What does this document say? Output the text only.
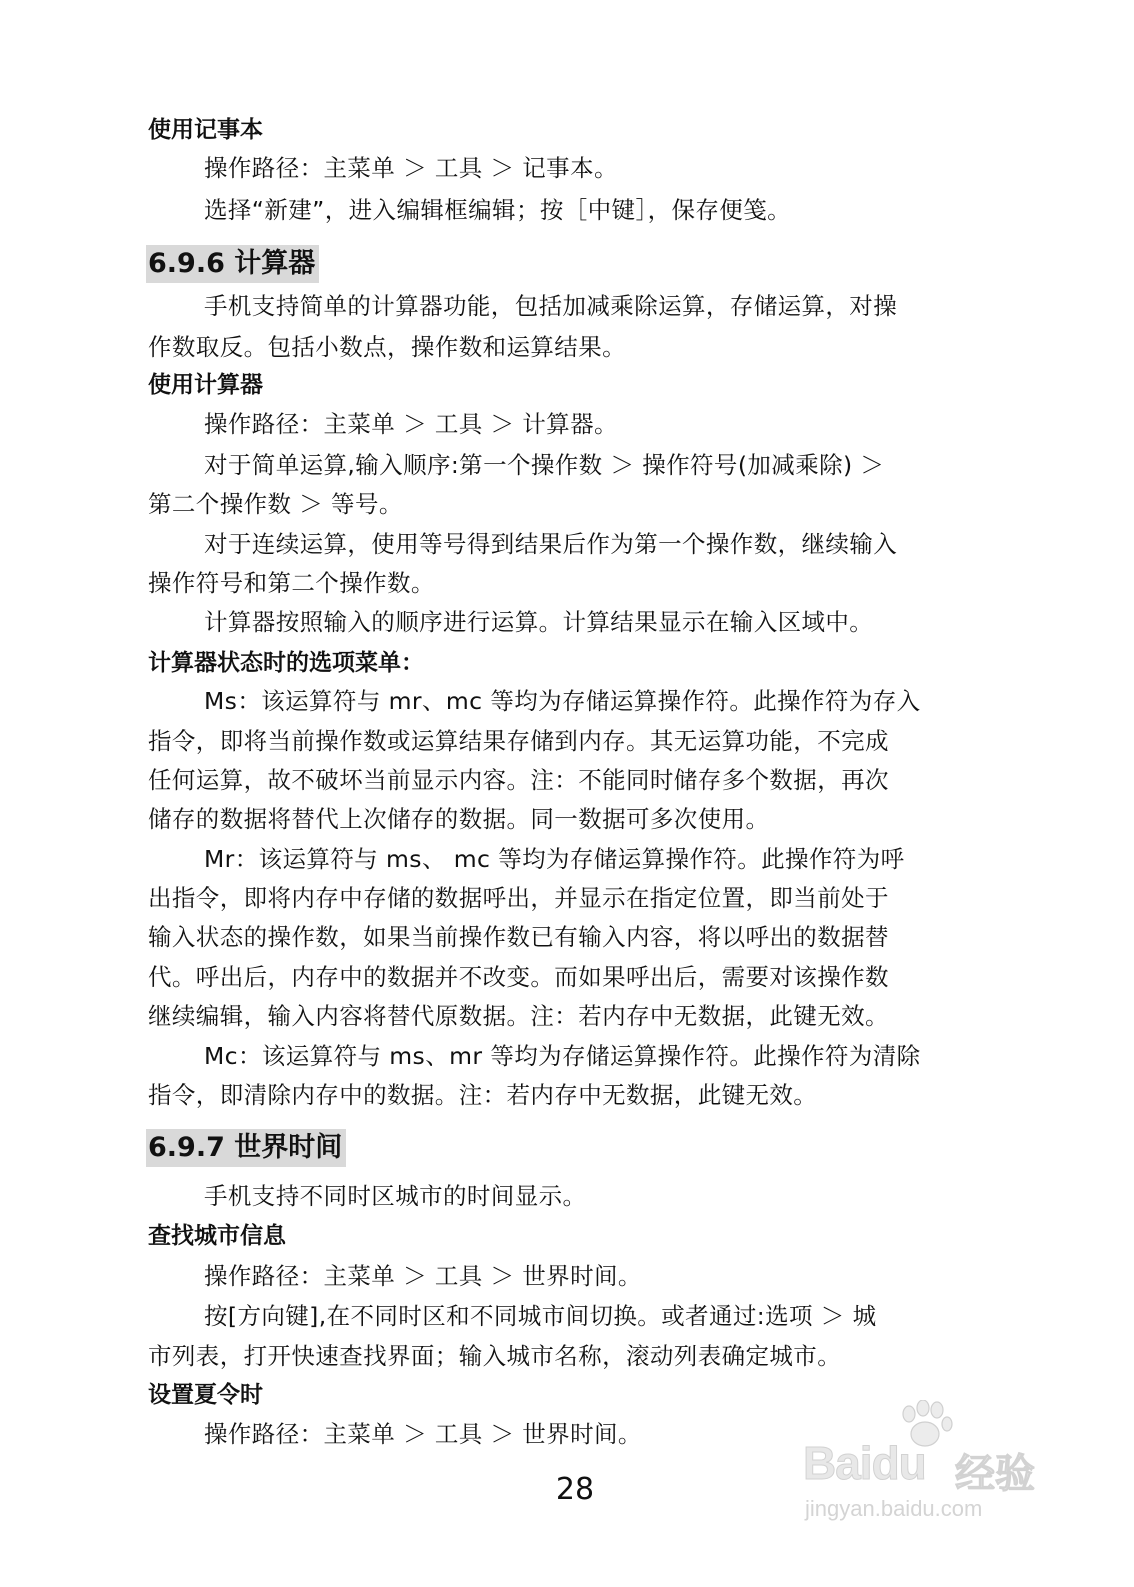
使用记事本
操作路径：主菜单 ＞ 工具 ＞ 记事本。
选择“新建”，进入编辑框编辑；按［中键］，保存便笺。
6.9.6 计算器
手机支持简单的计算器功能，包括加减乘除运算，存储运算，对操
作数取反。包括小数点，操作数和运算结果。
使用计算器
操作路径：主菜单 ＞ 工具 ＞ 计算器。
对于简单运算,输入顺序:第一个操作数 ＞ 操作符号(加减乘除) ＞
第二个操作数 ＞ 等号。
对于连续运算，使用等号得到结果后作为第一个操作数，继续输入
操作符号和第二个操作数。
计算器按照输入的顺序进行运算。计算结果显示在输入区域中。
计算器状态时的选项菜单：
Ms：该运算符与 mr、mc 等均为存储运算操作符。此操作符为存入
指令，即将当前操作数或运算结果存储到内存。其无运算功能，不完成
任何运算，故不破坏当前显示内容。注：不能同时储存多个数据，再次
储存的数据将替代上次储存的数据。同一数据可多次使用。
Mr：该运算符与 ms、 mc 等均为存储运算操作符。此操作符为呼
出指令，即将内存中存储的数据呼出，并显示在指定位置，即当前处于
输入状态的操作数，如果当前操作数已有输入内容，将以呼出的数据替
代。呼出后，内存中的数据并不改变。而如果呼出后，需要对该操作数
继续编辑，输入内容将替代原数据。注：若内存中无数据，此键无效。
Mc：该运算符与 ms、mr 等均为存储运算操作符。此操作符为清除
指令，即清除内存中的数据。注：若内存中无数据，此键无效。
6.9.7 世界时间
手机支持不同时区城市的时间显示。
查找城市信息
操作路径：主菜单 ＞ 工具 ＞ 世界时间。
按[方向键],在不同时区和不同城市间切换。或者通过:选项 ＞ 城
市列表，打开快速查找界面；输入城市名称，滚动列表确定城市。
设置夏令时
操作路径：主菜单 ＞ 工具 ＞ 世界时间。
28
Baidu 经验
jingyan.baidu.com
